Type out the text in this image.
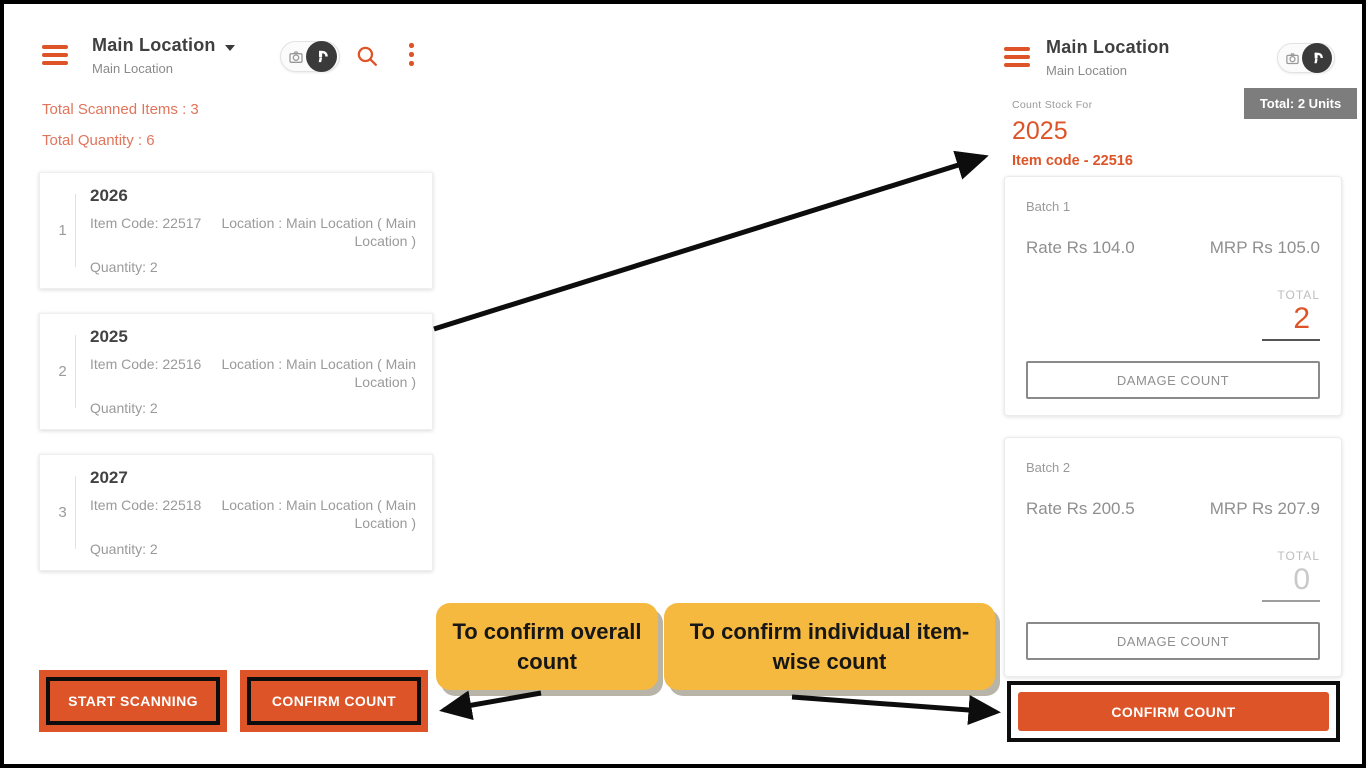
Main Location
Main Location
Total Scanned Items : 3
Total Quantity : 6
1
2026
Item Code: 22517	Location : Main Location ( Main Location )
Quantity: 2
2
2025
Item Code: 22516	Location : Main Location ( Main Location )
Quantity: 2
3
2027
Item Code: 22518	Location : Main Location ( Main Location )
Quantity: 2
START SCANNING	CONFIRM COUNT
Main Location
Main Location
Total: 2 Units
Count Stock For
2025
Item code - 22516
Batch 1
Rate Rs 104.0	MRP Rs 105.0
TOTAL
2
DAMAGE COUNT
Batch 2
Rate Rs 200.5	MRP Rs 207.9
TOTAL
0
DAMAGE COUNT
CONFIRM COUNT
To confirm overall count
To confirm individual item-wise count
